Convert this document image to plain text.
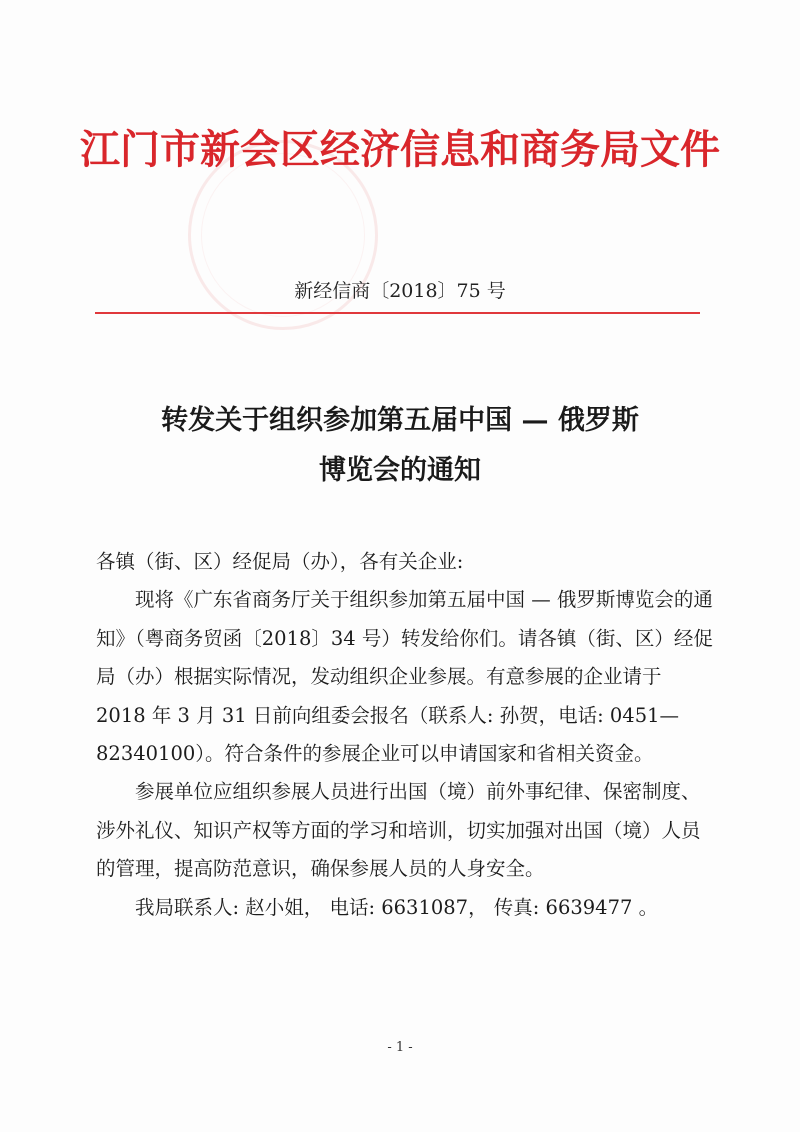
江门市新会区经济信息和商务局文件
新经信商〔2018〕75 号
转发关于组织参加第五届中国 — 俄罗斯
博览会的通知

各镇（街、区）经促局（办），各有关企业:

现将《广东省商务厅关于组织参加第五届中国 — 俄罗斯博览会的通知》（粤商务贸函〔2018〕34 号）转发给你们。请各镇（街、区）经促局（办）根据实际情况，发动组织企业参展。有意参展的企业请于 2018 年 3 月 31 日前向组委会报名（联系人: 孙贺，电话: 0451—82340100）。符合条件的参展企业可以申请国家和省相关资金。

参展单位应组织参展人员进行出国（境）前外事纪律、保密制度、涉外礼仪、知识产权等方面的学习和培训，切实加强对出国（境）人员的管理，提高防范意识，确保参展人员的人身安全。

我局联系人: 赵小姐， 电话: 6631087， 传真: 6639477 。

- 1 -
